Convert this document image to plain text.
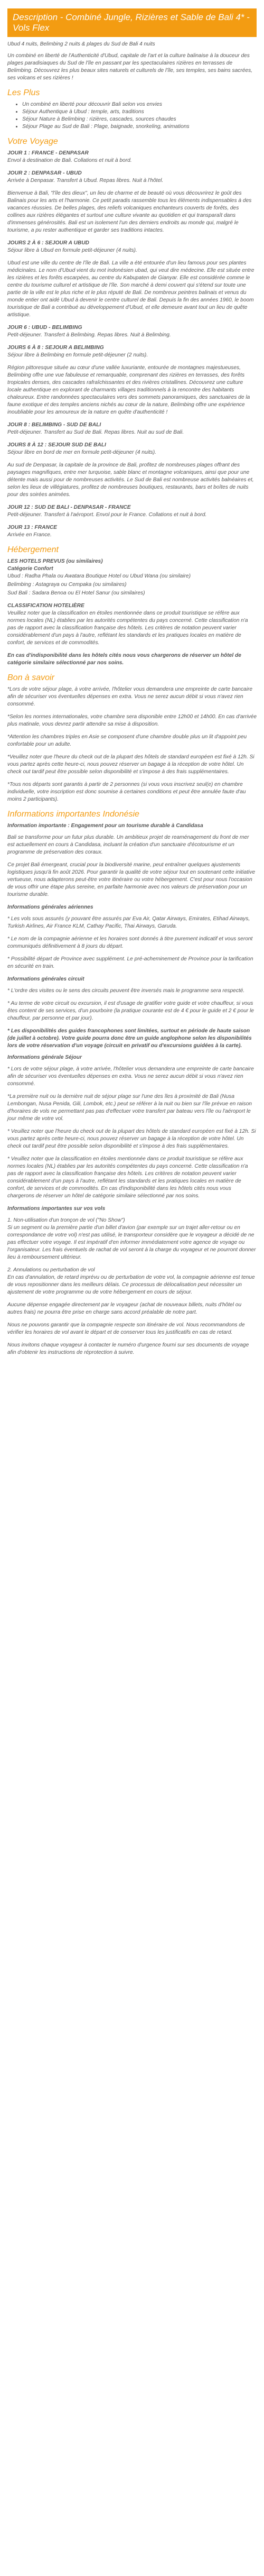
Description - Combiné Jungle, Rizières et Sable de Bali 4* - Vols Flex
Ubud 4 nuits, Belimbing 2 nuits & plages du Sud de Bali 4 nuits

Un combiné en liberté de l'Authenticité d'Ubud, capitale de l'art et la culture balinaise à la douceur des plages paradisiaques du Sud de l'île en passant par les spectaculaires rizières en terrasses de Belimbing. Découvrez les plus beaux sites naturels et culturels de l'île, ses temples, ses bains sacrées, ses volcans et ses rizières !

Les Plus
• Un combiné en liberté pour découvrir Bali selon vos envies
• Séjour Authentique à Ubud : temple, arts, traditions
• Séjour Nature à Belimbing : rizières, cascades, sources chaudes
• Séjour Plage au Sud de Bali : Plage, baignade, snorkeling, animations
Votre Voyage
JOUR 1 : FRANCE - DENPASAR
Envol à destination de Bali. Collations et nuit à bord.
JOUR 2 : DENPASAR - UBUD
Arrivée à Denpasar. Transfert à Ubud. Repas libres. Nuit à l'hôtel.
Bienvenue à Bali, "l'île des dieux", un lieu de charme et de beauté où vous découvrirez le goût des Balinais pour les arts et l'harmonie. Ce petit paradis rassemble tous les éléments indispensables à des vacances réussies. De belles plages, des reliefs volcaniques enchanteurs couverts de forêts, des collines aux rizières élégantes et surtout une culture vivante au quotidien et qui transparaît dans d'immenses générosités. Bali est un isolement l'un des derniers endroits au monde qui, malgré le tourisme, a pu rester authentique et garder ses traditions intactes.
JOURS 2 À 6 : SEJOUR A UBUD
Séjour libre à Ubud en formule petit-déjeuner (4 nuits).
Ubud est une ville du centre de l'île de Bali. La ville a été entourée d'un lieu famous pour ses plantes médicinales. Le nom d'Ubud vient du mot indonésien ubad, qui veut dire médecine. Elle est située entre les rizières et les forêts escarpées, au centre du Kabupaten de Gianyar. Elle est considérée comme le centre du tourisme culturel et artistique de l'île. Son marché à demi couvert qui s'étend sur toute une partie de la ville est le plus riche et le plus réputé de Bali. De nombreux peintres balinais et venus du monde entier ont aidé Ubud à devenir le centre culturel de Bali. Depuis la fin des années 1960, le boom touristique de Bali a contribué au développement d'Ubud, et elle demeure avant tout un lieu de quête artistique.
JOUR 6 : UBUD - BELIMBING
Petit-déjeuner. Transfert à Belimbing. Repas libres. Nuit à Belimbing.
JOURS 6 À 8 : SEJOUR A BELIMBING
Séjour libre à Belimbing en formule petit-déjeuner (2 nuits).
Région pittoresque située au cœur d'une vallée luxuriante, entourée de montagnes majestueuses, Belimbing offre une vue fabuleuse et remarquable, comprenant des rizières en terrasses, des forêts tropicales denses, des cascades rafraîchissantes et des rivières cristallines. Découvrez une culture locale authentique en explorant de charmants villages traditionnels à la rencontre des habitants chaleureux. Entre randonnées spectaculaires vers des sommets panoramiques, des sanctuaires de la faune exotique et des temples anciens nichés au cœur de la nature, Belimbing offre une expérience inoubliable pour les amoureux de la nature en quête d'authenticité !
JOUR 8 : BELIMBING - SUD DE BALI
Petit-déjeuner. Transfert au Sud de Bali. Repas libres. Nuit au sud de Bali.
JOURS 8 À 12 : SEJOUR SUD DE BALI
Séjour libre en bord de mer en formule petit-déjeuner (4 nuits).
Au sud de Denpasar, la capitale de la province de Bali, profitez de nombreuses plages offrant des paysages magnifiques, entre mer turquoise, sable blanc et montagne volcaniques, ainsi que pour une détente mais aussi pour de nombreuses activités. Le Sud de Bali est nombreuse activités balnéaires et, selon les lieux de villégiatures, profitez de nombreuses boutiques, restaurants, bars et boîtes de nuits pour des soirées animées.
JOUR 12 : SUD DE BALI - DENPASAR - FRANCE
Petit-déjeuner. Transfert à l'aéroport. Envol pour le France. Collations et nuit à bord.
JOUR 13 : FRANCE
Arrivée en France.
Hébergement
LES HOTELS PREVUS (ou similaires)
Catégorie Confort
Ubud : Radha Phala ou Awatara Boutique Hotel ou Ubud Wana (ou similaire)
Belimbing : Astagraya ou Cempaka (ou similaires)
Sud Bali : Sadara Benoa ou El Hotel Sanur (ou similaires)
CLASSIFICATION HOTELIÈRE

Veuillez noter que la classification en étoiles mentionnée dans ce produit touristique se réfère aux normes locales (NL) établies par les autorités compétentes du pays concerné. Cette classification n'a pas de rapport avec la classification française des hôtels. Les critères de notation peuvent varier considérablement d'un pays à l'autre, reflétant les standards et les pratiques locales en matière de confort, de services et de commodités.

En cas d'indisponibilité dans les hôtels cités nous vous chargerons de réserver un hôtel de catégorie similaire sélectionné par nos soins.

Bon à savoir

*Lors de votre séjour plage, à votre arrivée, l'hôtelier vous demandera une empreinte de carte bancaire afin de sécuriser vos éventuelles dépenses en extra. Vous ne serez aucun débit si vous n'avez rien consommé.

*Selon les normes internationales, votre chambre sera disponible entre 12h00 et 14h00. En cas d'arrivée plus matinale, vous devrez partir attendre sa mise à disposition.

*Attention les chambres triples en Asie se composent d'une chambre double plus un lit d'appoint peu confortable pour un adulte.

*Veuillez noter que l'heure du check out de la plupart des hôtels de standard européen est fixé à 12h. Si vous partez après cette heure-ci, nous pouvez réserver un bagage à la réception de votre hôtel. Un check out tardif peut être possible selon disponibilité et s'impose à des frais supplémentaires.

*Tous nos départs sont garantis à partir de 2 personnes (si vous vous inscrivez seul(e) en chambre individuelle, votre inscription est donc soumise à certaines conditions et peut être annulée faute d'au moins 2 participants).

Informations importantes Indonésie
Information importante : Engagement pour un tourisme durable à Candidasa

Bali se transforme pour un futur plus durable. Un ambitieux projet de reaménagement du front de mer est actuellement en cours à Candidasa, incluant la création d'un sanctuaire d'écotourisme et un programme de préservation des coraux.

Ce projet Bali émergeant, crucial pour la biodiversité marine, peut entraîner quelques ajustements logistiques jusqu'à fin août 2026. Pour garantir la qualité de votre séjour tout en soutenant cette initiative vertueuse, nous adapterons peut-être votre itinéraire ou votre hébergement. C'est pour nous l'occasion de vous offrir une étape plus sereine, en parfaite harmonie avec nos valeurs de préservation pour un tourisme durable.

Informations générales aériennes

* Les vols sous assurés (y pouvant être assurés par Eva Air, Qatar Airways, Emirates, Etihad Airways, Turkish Airlines, Air France KLM, Cathay Pacific, Thai Airways, Garuda.

* Le nom de la compagnie aérienne et les horaires sont donnés à titre purement indicatif et vous seront communiqués définitivement à 8 jours du départ.

* Possibilité départ de Province avec supplément. Le pré-acheminement de Province pour la tarification en sécurité en train.

Informations générales circuit

* L'ordre des visites ou le sens des circuits peuvent être inversés mais le programme sera respecté.

* Au terme de votre circuit ou excursion, il est d'usage de gratifier votre guide et votre chauffeur, si vous êtes content de ses services, d'un pourboire (la pratique courante est de 4 € pour le guide et 2 € pour le chauffeur, par personne et par jour).

* Les disponibilités des guides francophones sont limitées, surtout en période de haute saison (de juillet à octobre). Votre guide pourra donc être un guide anglophone selon les disponibilités lors de votre réservation d'un voyage (circuit en privatif ou d'excursions guidées à la carte).
Informations générale Séjour

* Lors de votre séjour plage, à votre arrivée, l'hôtelier vous demandera une empreinte de carte bancaire afin de sécuriser vos éventuelles dépenses en extra. Vous ne serez aucun débit si vous n'avez rien consommé.

*La première nuit ou la dernière nuit de séjour plage sur l'une des îles à proximité de Bali (Nusa Lembongan, Nusa Penida, Gili, Lombok, etc.) peut se référer à la nuit ou bien sur l'île prévue en raison d'horaires de vols ne permettant pas pas d'effectuer votre transfert par bateau vers l'île ou l'aéroport le jour même de votre vol.

* Veuillez noter que l'heure du check out de la plupart des hôtels de standard européen est fixé à 12h. Si vous partez après cette heure-ci, nous pouvez réserver un bagage à la réception de votre hôtel. Un check out tardif peut être possible selon disponibilité et s'impose à des frais supplémentaires.

* Veuillez noter que la classification en étoiles mentionnée dans ce produit touristique se réfère aux normes locales (NL) établies par les autorités compétentes du pays concerné. Cette classification n'a pas de rapport avec la classification française des hôtels. Les critères de notation peuvent varier considérablement d'un pays à l'autre, reflétant les standards et les pratiques locales en matière de confort, de services et de commodités. En cas d'indisponibilité dans les hôtels cités nous vous chargerons de réserver un hôtel de catégorie similaire sélectionné par nos soins.

Informations importantes sur vos vols

1. Non-utilisation d'un tronçon de vol ("No Show")
Si un segment ou la première partie d'un billet d'avion (par exemple sur un trajet aller-retour ou en correspondance de votre vol) n'est pas utilisé, le transporteur considère que le voyageur a décidé de ne pas effectuer votre voyage. Il est impératif d'en informer immédiatement votre agence de voyage ou l'organisateur. Les frais éventuels de rachat de vol seront à la charge du voyageur et ne pourront donner lieu à remboursement ultérieur.

2. Annulations ou perturbation de vol
En cas d'annulation, de retard imprévu ou de perturbation de votre vol, la compagnie aérienne est tenue de vous repositionner dans les meilleurs délais. Ce processus de délocalisation peut nécessiter un ajustement de votre programme ou de votre hébergement en cours de séjour.

Aucune dépense engagée directement par le voyageur (achat de nouveaux billets, nuits d'hôtel ou autres frais) ne pourra être prise en charge sans accord préalable de notre part.

Nous ne pouvons garantir que la compagnie respecte son itinéraire de vol. Nous recommandons de vérifier les horaires de vol avant le départ et de conserver tous les justificatifs en cas de retard.

Nous invitons chaque voyageur à contacter le numéro d'urgence fourni sur ses documents de voyage afin d'obtenir les instructions de réprotection à suivre.
